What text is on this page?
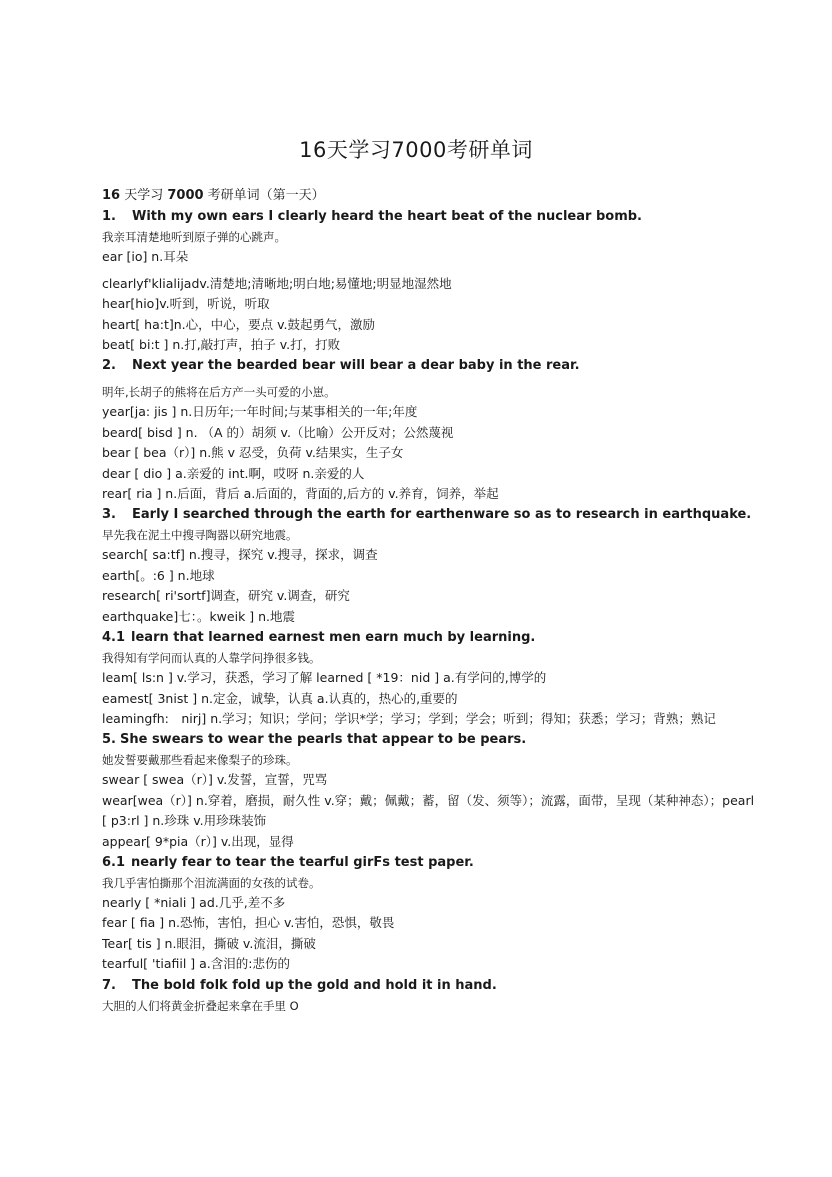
16天学习7000考研单词
16 天学习 7000 考研单词（第一天）
1. With my own ears I clearly heard the heart beat of the nuclear bomb.
我亲耳清楚地听到原子弹的心跳声。
ear [io] n.耳朵
clearlyf'klialijadv.清楚地;清晰地;明白地;易懂地;明显地湿然地
hear[hio]v.听到，听说，听取
heart[ ha:t]n.心，中心，要点 v.鼓起勇气，激励
beat[ bi:t ] n.打,敲打声，拍子 v.打，打败
2. Next year the bearded bear will bear a dear baby in the rear.
明年,长胡子的熊将在后方产一头可爱的小崽。
year[ja: jis ] n.日历年;一年时间;与某事相关的一年;年度
beard[ bisd ] n. （A 的）胡须 v.（比喻）公开反对；公然蔑视
bear [ bea（r）] n.熊 v 忍受，负荷 v.结果实，生子女
dear [ dio ] a.亲爱的 int.啊，哎呀 n.亲爱的人
rear[ ria ] n.后面，背后 a.后面的，背面的,后方的 v.养育，饲养，举起
3. Early I searched through the earth for earthenware so as to research in earthquake.
早先我在泥土中搜寻陶器以研究地震。
search[ sa:tf] n.搜寻，探究 v.搜寻，探求，调查
earth[。:6 ] n.地球
research[ ri'sortf]调查，研究 v.调查，研究
earthquake]七：。kweik ] n.地震
4.1 learn that learned earnest men earn much by learning.
我得知有学问而认真的人靠学问挣很多钱。
leam[ ls:n ] v.学习，获悉，学习了解 learned [ *19：nid ] a.有学问的,博学的
eamest[ 3nist ] n.定金，诚挚，认真 a.认真的，热心的,重要的
leamingfh:　nirj] n.学习；知识；学问；学识*学；学习；学到；学会；听到；得知；获悉；学习；背熟；熟记
5. She swears to wear the pearls that appear to be pears.
她发誓要戴那些看起来像梨子的珍珠。
swear [ swea（r）] v.发誓，宣誓，咒骂
wear[wea（r）] n.穿着，磨损，耐久性 v.穿；戴；佩戴；蓄，留（发、须等）；流露，面带，呈现（某种神态）；pearl
[ p3:rl ] n.珍珠 v.用珍珠装饰
appear[ 9*pia（r）] v.出现，显得
6.1 nearly fear to tear the tearful girFs test paper.
我几乎害怕撕那个泪流满面的女孩的试卷。
nearly [ *niali ] ad.几乎,差不多
fear [ fia ] n.恐怖，害怕，担心 v.害怕，恐惧，敬畏
Tear[ tis ] n.眼泪，撕破 v.流泪，撕破
tearful[ 'tiafiil ] a.含泪的:悲伤的
7. The bold folk fold up the gold and hold it in hand.
大胆的人们将黄金折叠起来拿在手里 O
